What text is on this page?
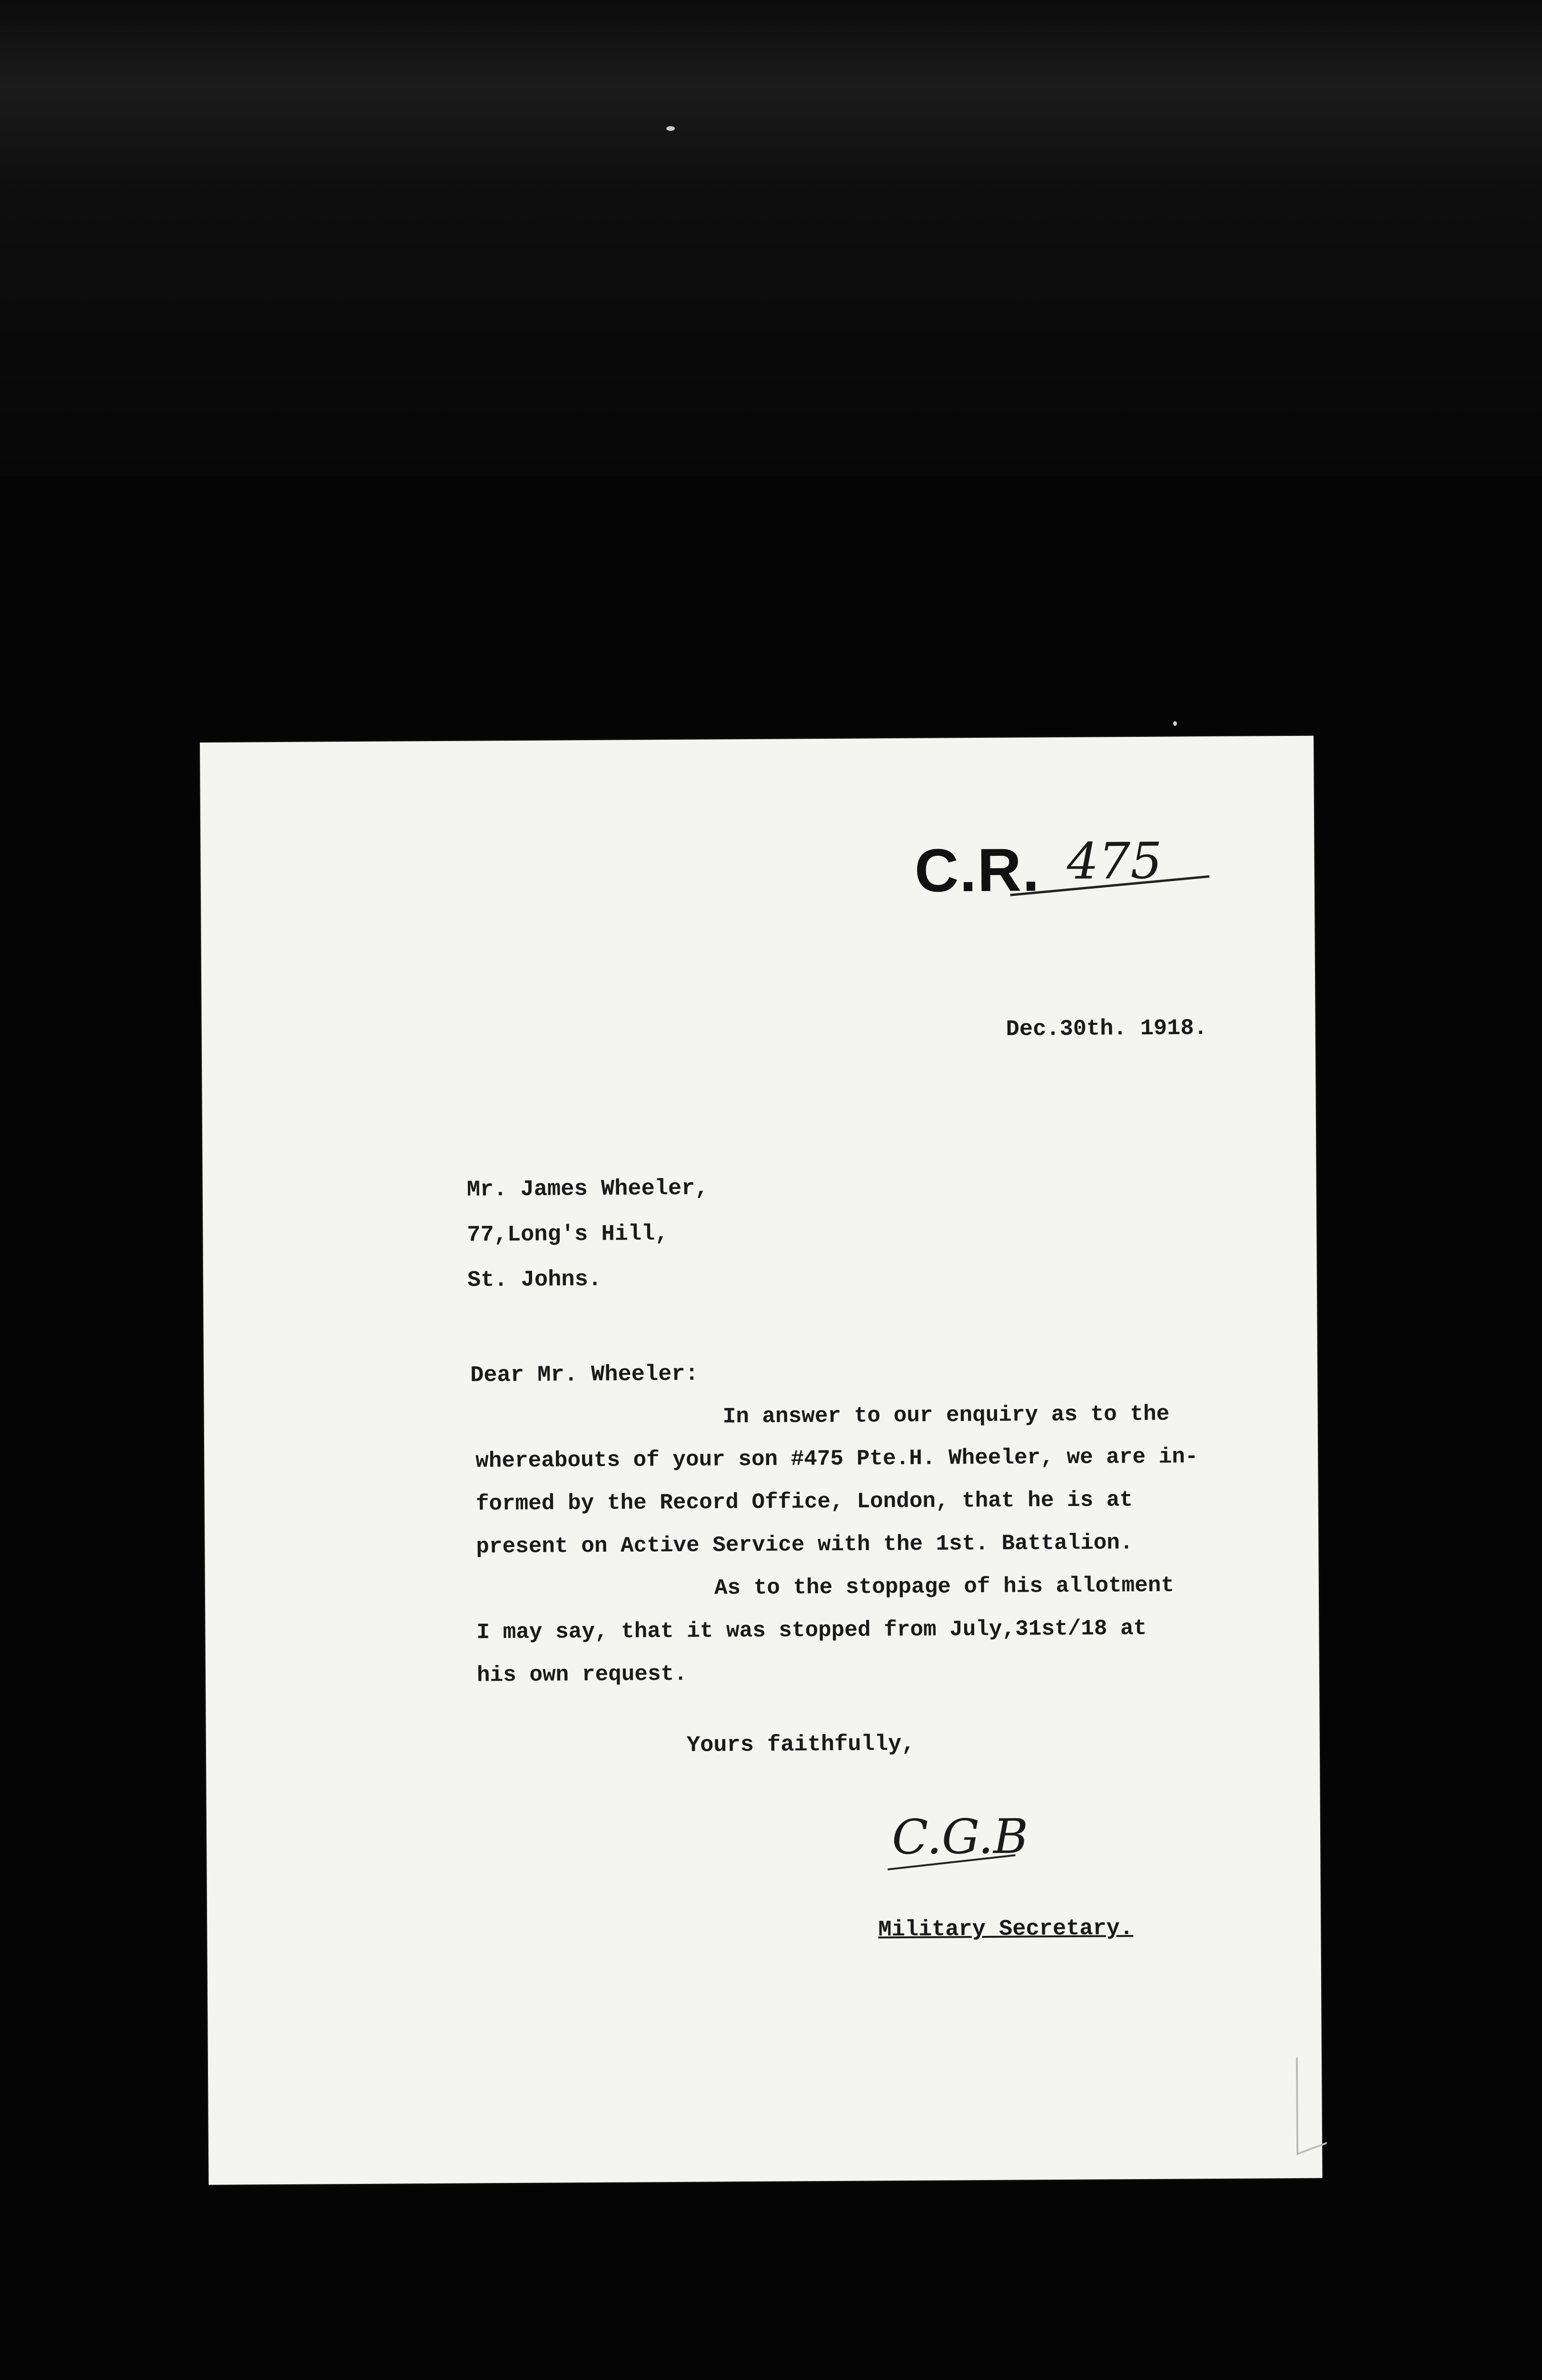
C.R. 475
Dec.30th. 1918.
Mr. James Wheeler,
77,Long's Hill,
St. Johns.
Dear Mr. Wheeler:
In answer to our enquiry as to the
whereabouts of your son #475 Pte.H. Wheeler, we are in-
formed by the Record Office, London, that he is at
present on Active Service with the 1st. Battalion.
As to the stoppage of his allotment
I may say, that it was stopped from July,31st/18 at
his own request.
Yours faithfully,
C.G.B
Military Secretary.
